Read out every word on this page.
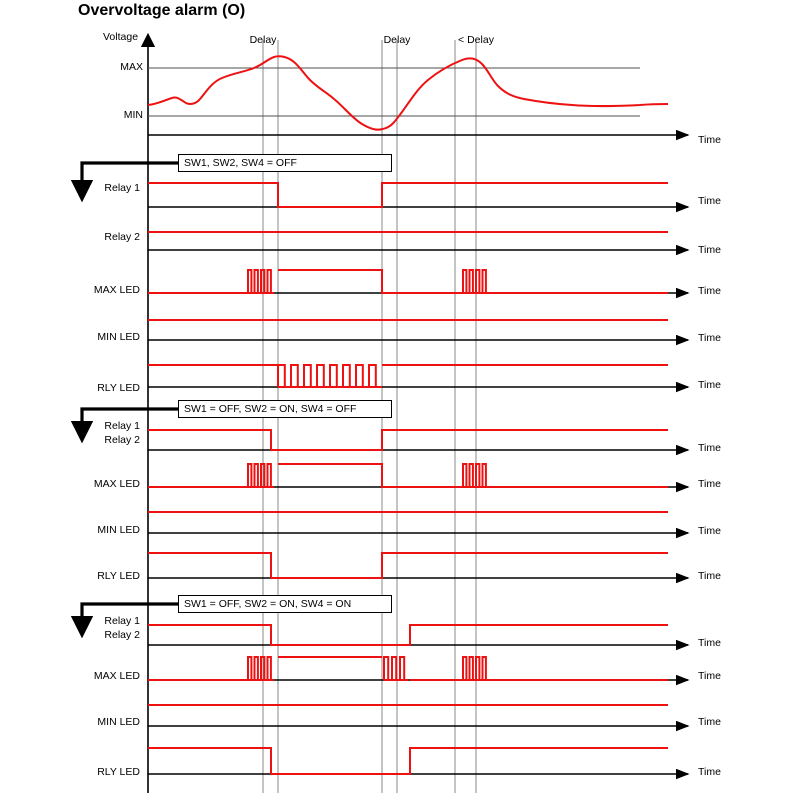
Overvoltage alarm (O)
Voltage
MAX
MIN
Delay	Delay	< Delay
SW1, SW2, SW4 = OFF
SW1 = OFF, SW2 = ON, SW4 = OFF
SW1 = OFF, SW2 = ON, SW4 = ON
Relay 1
Relay 2
MAX LED
MIN LED
RLY LED
Relay 1
Relay 2
MAX LED
MIN LED
RLY LED
Relay 1
Relay 2
MAX LED
MIN LED
RLY LED
Time
Time
Time
Time
Time
Time
Time
Time
Time
Time
Time
Time
Time
Time
